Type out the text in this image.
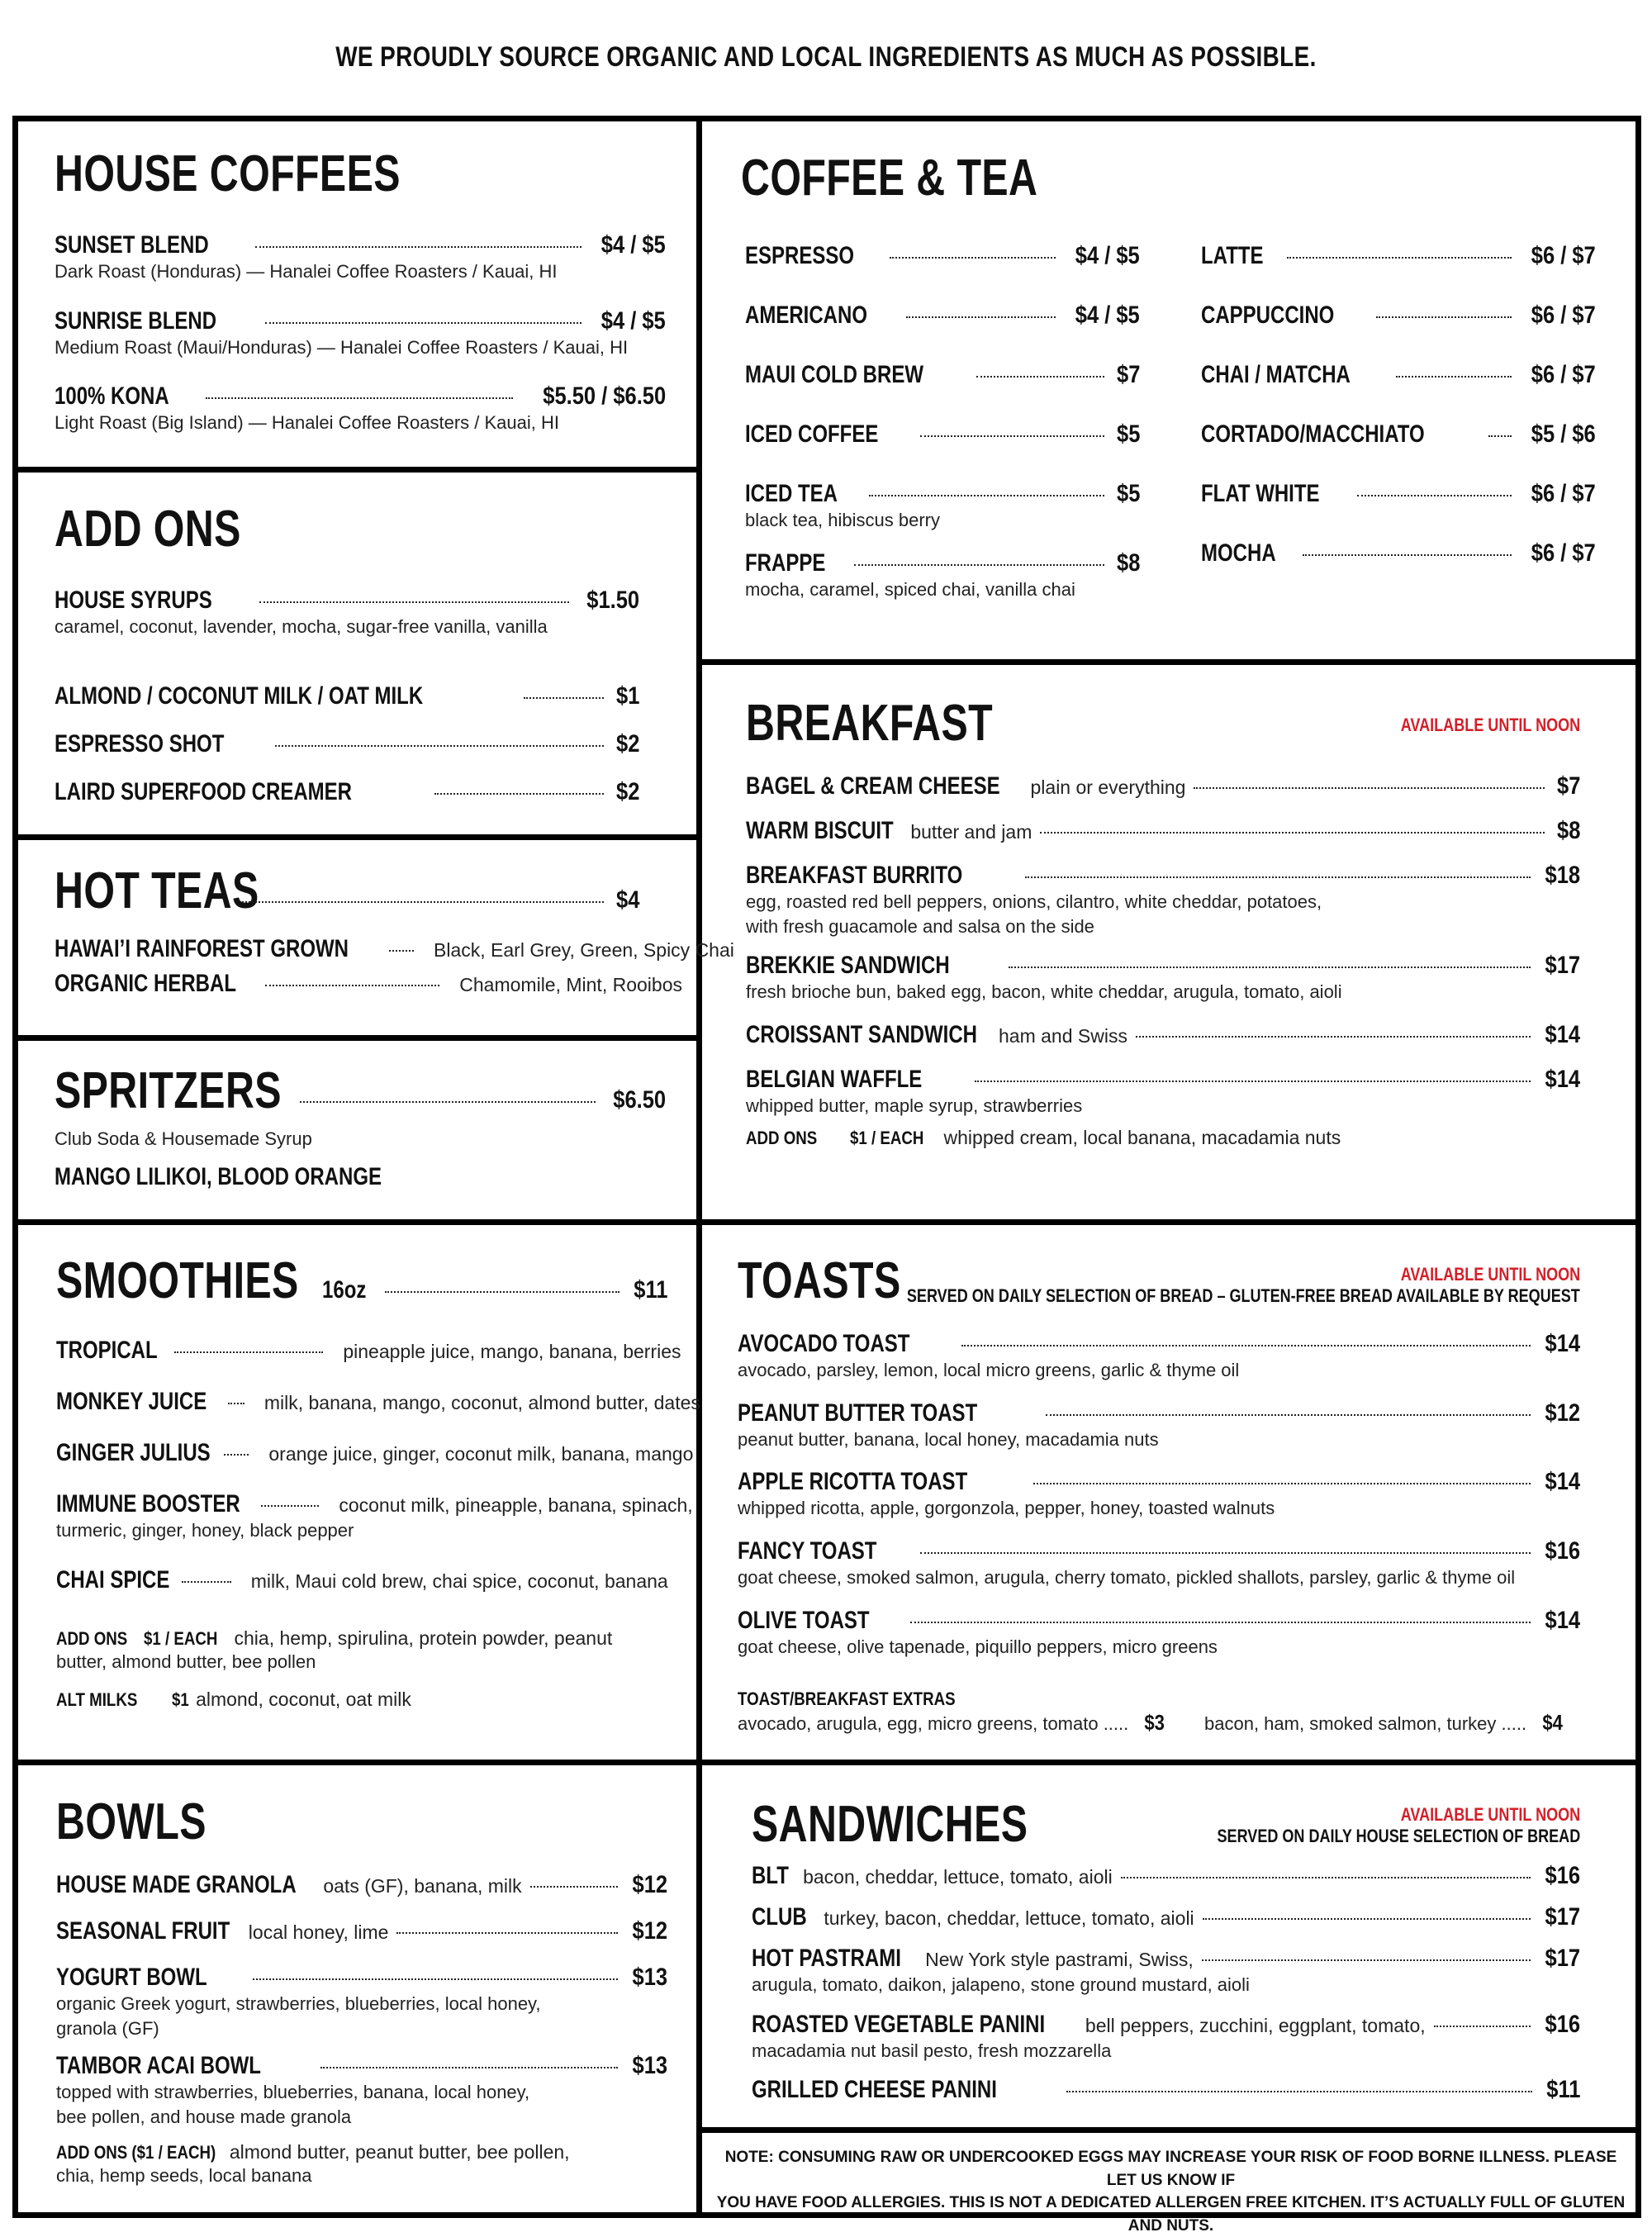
WE PROUDLY SOURCE ORGANIC AND LOCAL INGREDIENTS AS MUCH AS POSSIBLE.
HOUSE COFFEES
SUNSET BLEND	$4 / $5
Dark Roast (Honduras) — Hanalei Coffee Roasters / Kauai, HI
SUNRISE BLEND	$4 / $5
Medium Roast (Maui/Honduras) — Hanalei Coffee Roasters / Kauai, HI
100% KONA	$5.50 / $6.50
Light Roast (Big Island) — Hanalei Coffee Roasters / Kauai, HI
ADD ONS
HOUSE SYRUPS	$1.50
caramel, coconut, lavender, mocha, sugar-free vanilla, vanilla
ALMOND / COCONUT MILK / OAT MILK	$1
ESPRESSO SHOT	$2
LAIRD SUPERFOOD CREAMER	$2
HOT TEAS	$4
HAWAI’I RAINFOREST GROWN	Black, Earl Grey, Green, Spicy Chai
ORGANIC HERBAL	Chamomile, Mint, Rooibos
SPRITZERS	$6.50
Club Soda & Housemade Syrup
MANGO LILIKOI, BLOOD ORANGE
SMOOTHIES 16oz	$11
TROPICAL	pineapple juice, mango, banana, berries
MONKEY JUICE	milk, banana, mango, coconut, almond butter, dates
GINGER JULIUS	orange juice, ginger, coconut milk, banana, mango
IMMUNE BOOSTER	coconut milk, pineapple, banana, spinach,
turmeric, ginger, honey, black pepper
CHAI SPICE	milk, Maui cold brew, chai spice, coconut, banana
ADD ONS $1 / EACH chia, hemp, spirulina, protein powder, peanut
butter, almond butter, bee pollen
ALT MILKS $1 almond, coconut, oat milk
BOWLS
HOUSE MADE GRANOLA oats (GF), banana, milk	$12
SEASONAL FRUIT local honey, lime	$12
YOGURT BOWL	$13
organic Greek yogurt, strawberries, blueberries, local honey,
granola (GF)
TAMBOR ACAI BOWL	$13
topped with strawberries, blueberries, banana, local honey,
bee pollen, and house made granola
ADD ONS ($1 / EACH) almond butter, peanut butter, bee pollen,
chia, hemp seeds, local banana
COFFEE & TEA
ESPRESSO	$4 / $5
AMERICANO	$4 / $5
MAUI COLD BREW	$7
ICED COFFEE	$5
ICED TEA	$5
black tea, hibiscus berry
FRAPPE	$8
mocha, caramel, spiced chai, vanilla chai
LATTE	$6 / $7
CAPPUCCINO	$6 / $7
CHAI / MATCHA	$6 / $7
CORTADO/MACCHIATO	$5 / $6
FLAT WHITE	$6 / $7
MOCHA	$6 / $7
BREAKFAST	AVAILABLE UNTIL NOON
BAGEL & CREAM CHEESE plain or everything	$7
WARM BISCUIT butter and jam	$8
BREAKFAST BURRITO	$18
egg, roasted red bell peppers, onions, cilantro, white cheddar, potatoes,
with fresh guacamole and salsa on the side
BREKKIE SANDWICH	$17
fresh brioche bun, baked egg, bacon, white cheddar, arugula, tomato, aioli
CROISSANT SANDWICH ham and Swiss	$14
BELGIAN WAFFLE	$14
whipped butter, maple syrup, strawberries
ADD ONS $1 / EACH whipped cream, local banana, macadamia nuts
TOASTS	AVAILABLE UNTIL NOON
SERVED ON DAILY SELECTION OF BREAD – GLUTEN-FREE BREAD AVAILABLE BY REQUEST
AVOCADO TOAST	$14
avocado, parsley, lemon, local micro greens, garlic & thyme oil
PEANUT BUTTER TOAST	$12
peanut butter, banana, local honey, macadamia nuts
APPLE RICOTTA TOAST	$14
whipped ricotta, apple, gorgonzola, pepper, honey, toasted walnuts
FANCY TOAST	$16
goat cheese, smoked salmon, arugula, cherry tomato, pickled shallots, parsley, garlic & thyme oil
OLIVE TOAST	$14
goat cheese, olive tapenade, piquillo peppers, micro greens
TOAST/BREAKFAST EXTRAS
avocado, arugula, egg, micro greens, tomato ..... $3 bacon, ham, smoked salmon, turkey ..... $4
SANDWICHES	AVAILABLE UNTIL NOON
SERVED ON DAILY HOUSE SELECTION OF BREAD
BLT bacon, cheddar, lettuce, tomato, aioli	$16
CLUB turkey, bacon, cheddar, lettuce, tomato, aioli	$17
HOT PASTRAMI New York style pastrami, Swiss,	$17
arugula, tomato, daikon, jalapeno, stone ground mustard, aioli
ROASTED VEGETABLE PANINI bell peppers, zucchini, eggplant, tomato,	$16
macadamia nut basil pesto, fresh mozzarella
GRILLED CHEESE PANINI	$11
NOTE: CONSUMING RAW OR UNDERCOOKED EGGS MAY INCREASE YOUR RISK OF FOOD BORNE ILLNESS. PLEASE LET US KNOW IF
YOU HAVE FOOD ALLERGIES. THIS IS NOT A DEDICATED ALLERGEN FREE KITCHEN. IT’S ACTUALLY FULL OF GLUTEN AND NUTS.
